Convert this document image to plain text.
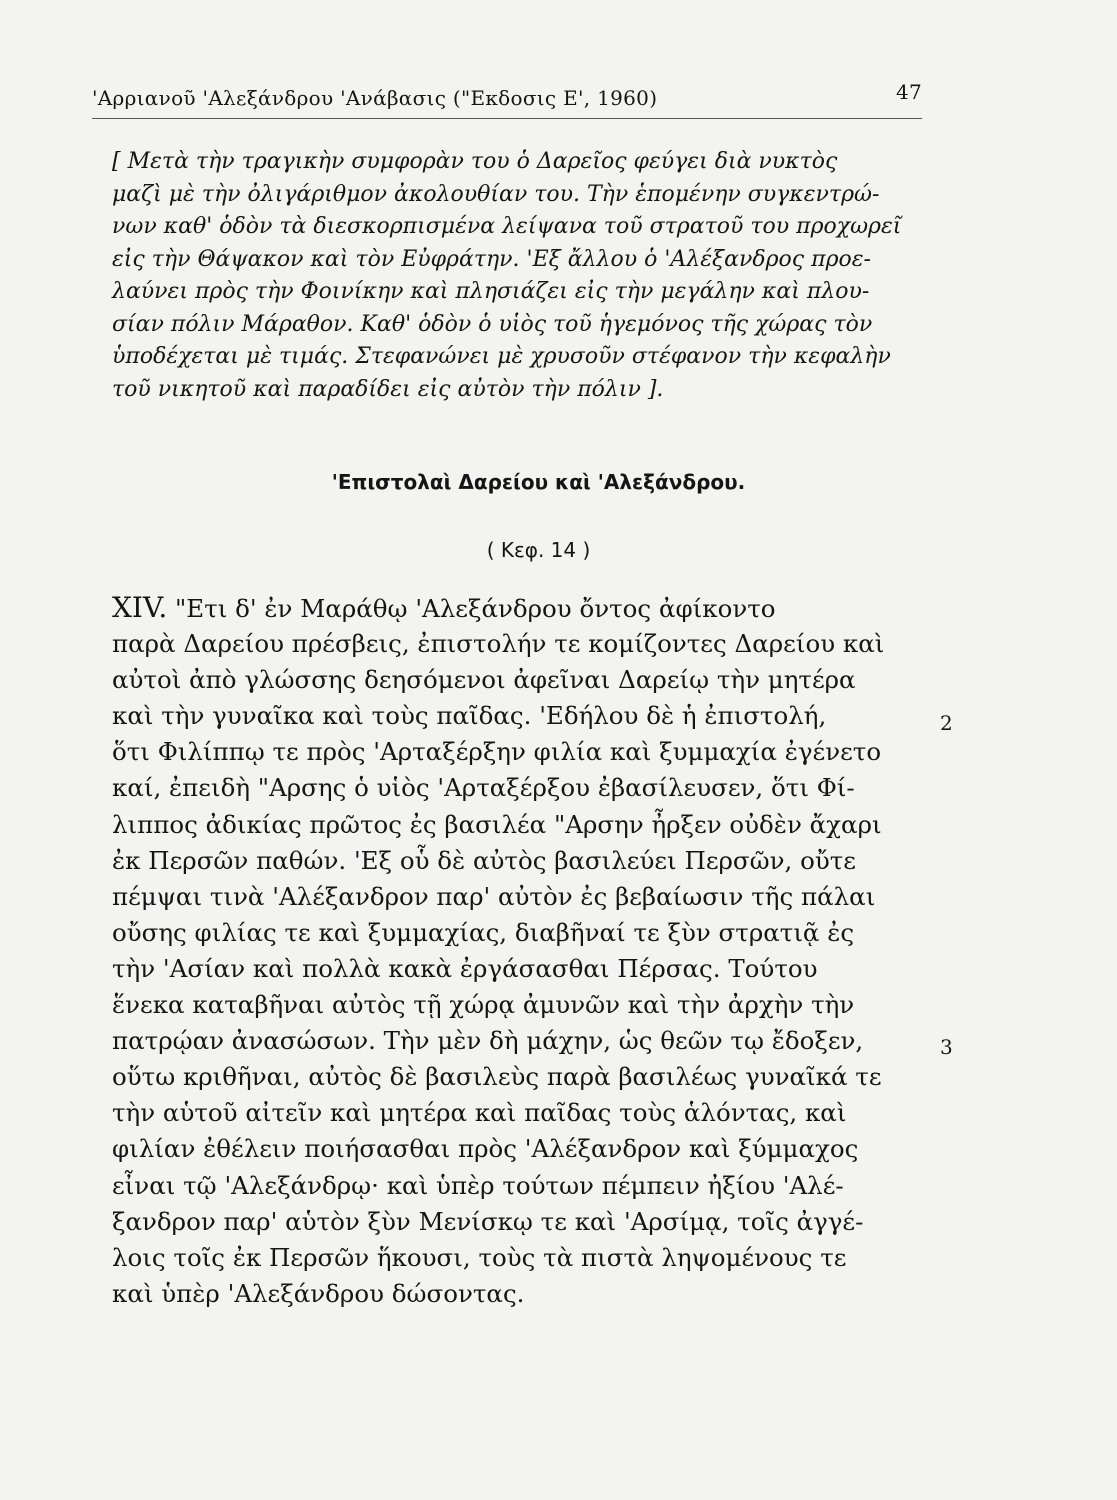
'Αρριανοῦ 'Αλεξάνδρου 'Ανάβασις ("Εκδοσις Ε', 1960)	47
[ Μετὰ τὴν τραγικὴν συμφορὰν του ὁ Δαρεῖος φεύγει διὰ νυκτὸς
μαζὶ μὲ τὴν ὀλιγάριθμον ἀκολουθίαν του. Τὴν ἑπομένην συγκεντρώ-
νων καθ' ὁδὸν τὰ διεσκορπισμένα λείψανα τοῦ στρατοῦ του προχωρεῖ
εἰς τὴν Θάψακον καὶ τὸν Εὐφράτην. 'Εξ ἄλλου ὁ 'Αλέξανδρος προε-
λαύνει πρὸς τὴν Φοινίκην καὶ πλησιάζει εἰς τὴν μεγάλην καὶ πλου-
σίαν πόλιν Μάραθον. Καθ' ὁδὸν ὁ υἱὸς τοῦ ἡγεμόνος τῆς χώρας τὸν
ὑποδέχεται μὲ τιμάς. Στεφανώνει μὲ χρυσοῦν στέφανον τὴν κεφαλὴν
τοῦ νικητοῦ καὶ παραδίδει εἰς αὐτὸν τὴν πόλιν ].
'Επιστολαὶ Δαρείου καὶ 'Αλεξάνδρου.
( Κεφ. 14 )
XIV. "Ετι δ' ἐν Μαράθῳ 'Αλεξάνδρου ὄντος ἀφίκοντο
παρὰ Δαρείου πρέσβεις, ἐπιστολήν τε κομίζοντες Δαρείου καὶ
αὐτοὶ ἀπὸ γλώσσης δεησόμενοι ἀφεῖναι Δαρείῳ τὴν μητέρα
καὶ τὴν γυναῖκα καὶ τοὺς παῖδας. 'Εδήλου δὲ ἡ ἐπιστολή,
ὅτι Φιλίππῳ τε πρὸς 'Αρταξέρξην φιλία καὶ ξυμμαχία ἐγένετο
καί, ἐπειδὴ "Αρσης ὁ υἱὸς 'Αρταξέρξου ἐβασίλευσεν, ὅτι Φί-
λιππος ἀδικίας πρῶτος ἐς βασιλέα "Αρσην ἦρξεν οὐδὲν ἄχαρι
ἐκ Περσῶν παθών. 'Εξ οὗ δὲ αὐτὸς βασιλεύει Περσῶν, οὔτε
πέμψαι τινὰ 'Αλέξανδρον παρ' αὐτὸν ἐς βεβαίωσιν τῆς πάλαι
οὔσης φιλίας τε καὶ ξυμμαχίας, διαβῆναί τε ξὺν στρατιᾷ ἐς
τὴν 'Ασίαν καὶ πολλὰ κακὰ ἐργάσασθαι Πέρσας. Τούτου
ἕνεκα καταβῆναι αὐτὸς τῇ χώρᾳ ἀμυνῶν καὶ τὴν ἀρχὴν τὴν
πατρῴαν ἀνασώσων. Τὴν μὲν δὴ μάχην, ὡς θεῶν τῳ ἔδοξεν,
οὕτω κριθῆναι, αὐτὸς δὲ βασιλεὺς παρὰ βασιλέως γυναῖκά τε
τὴν αὑτοῦ αἰτεῖν καὶ μητέρα καὶ παῖδας τοὺς ἁλόντας, καὶ
φιλίαν ἐθέλειν ποιήσασθαι πρὸς 'Αλέξανδρον καὶ ξύμμαχος
εἶναι τῷ 'Αλεξάνδρῳ· καὶ ὑπὲρ τούτων πέμπειν ἠξίου 'Αλέ-
ξανδρον παρ' αὑτὸν ξὺν Μενίσκῳ τε καὶ 'Αρσίμᾳ, τοῖς ἀγγέ-
λοις τοῖς ἐκ Περσῶν ἥκουσι, τοὺς τὰ πιστὰ ληψομένους τε
καὶ ὑπὲρ 'Αλεξάνδρου δώσοντας.
2
3
